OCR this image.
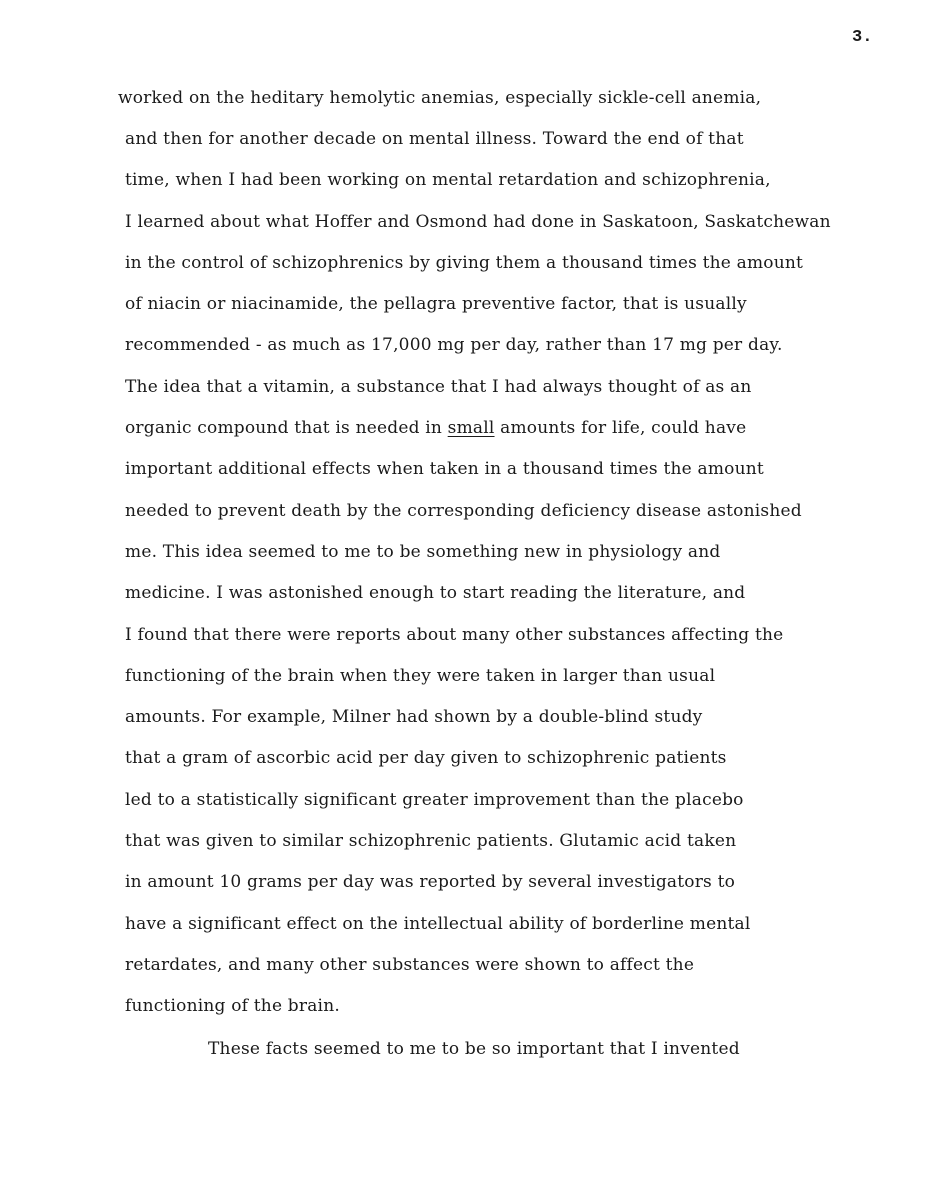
3.
worked on the heditary hemolytic anemias, especially sickle-cell anemia,
and then for another decade on mental illness. Toward the end of that
time, when I had been working on mental retardation and schizophrenia,
I learned about what Hoffer and Osmond had done in Saskatoon, Saskatchewan
in the control of schizophrenics by giving them a thousand times the amount
of niacin or niacinamide, the pellagra preventive factor, that is usually
recommended - as much as 17,000 mg per day, rather than 17 mg per day.
The idea that a vitamin, a substance that I had always thought of as an
organic compound that is needed in small amounts for life, could have
important additional effects when taken in a thousand times the amount
needed to prevent death by the corresponding deficiency disease astonished
me. This idea seemed to me to be something new in physiology and
medicine. I was astonished enough to start reading the literature, and
I found that there were reports about many other substances affecting the
functioning of the brain when they were taken in larger than usual
amounts. For example, Milner had shown by a double-blind study
that a gram of ascorbic acid per day given to schizophrenic patients
led to a statistically significant greater improvement than the placebo
that was given to similar schizophrenic patients. Glutamic acid taken
in amount 10 grams per day was reported by several investigators to
have a significant effect on the intellectual ability of borderline mental
retardates, and many other substances were shown to affect the
functioning of the brain.
These facts seemed to me to be so important that I invented
